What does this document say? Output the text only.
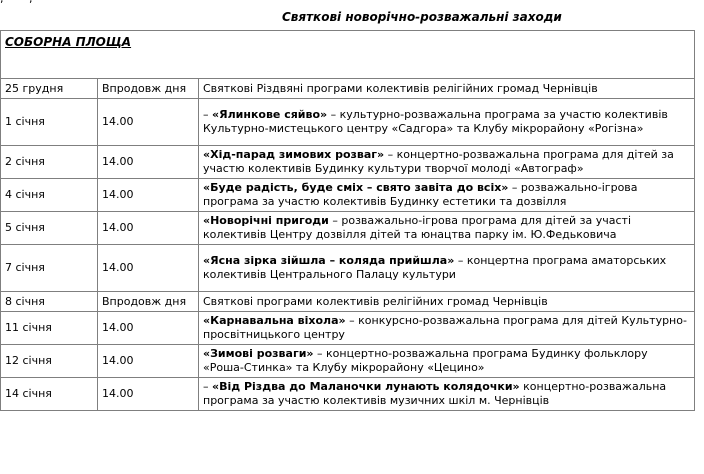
Святкові новорічно-розважальні заходи
СОБОРНА ПЛОЩА		
25 грудня	Впродовж дня	Святкові Різдвяні програми колективів релігійних громад Чернівців
1 січня	14.00	– «Ялинкове сяйво» – культурно-розважальна програма за участю колективів Культурно-мистецького центру «Садгора» та Клубу мікрорайону «Рогізна»
2 січня	14.00	«Хід-парад зимових розваг» – концертно-розважальна програма для дітей за участю колективів Будинку культури творчої молоді «Автограф»
4 січня	14.00	«Буде радість, буде сміх – свято завіта до всіх» – розважально-ігрова програма за участю колективів Будинку естетики та дозвілля
5 січня	14.00	«Новорічні пригоди – розважально-ігрова програма для дітей за участі колективів Центру дозвілля дітей та юнацтва парку ім. Ю.Федьковича
7 січня	14.00	«Ясна зірка зійшла – коляда прийшла» – концертна програма аматорських колективів Центрального Палацу культури
8 січня	Впродовж дня	Святкові програми колективів релігійних громад Чернівців
11 січня	14.00	«Карнавальна віхола» – конкурсно-розважальна програма для дітей Культурно-просвітницького центру
12 січня	14.00	«Зимові розваги» – концертно-розважальна програма Будинку фольклору «Роша-Стинка» та Клубу мікрорайону «Цецино»
14 січня	14.00	– «Від Різдва до Маланочки лунають колядочки» концертно-розважальна програма за участю колективів музичних шкіл м. Чернівців
